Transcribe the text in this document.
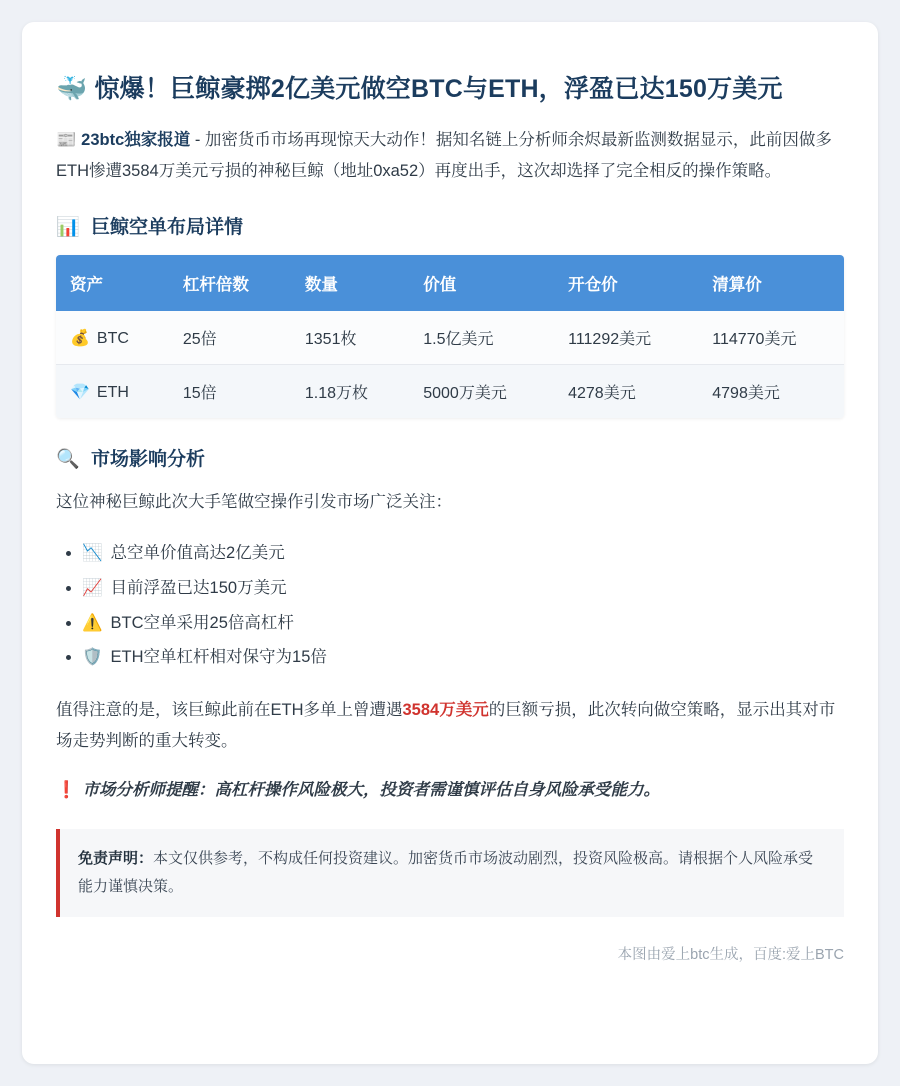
🐳 惊爆！巨鲸豪掷2亿美元做空BTC与ETH，浮盈已达150万美元

📰 23btc独家报道 - 加密货币市场再现惊天大动作！据知名链上分析师余烬最新监测数据显示，此前因做多ETH惨遭3584万美元亏损的神秘巨鲸（地址0xa52）再度出手，这次却选择了完全相反的操作策略。

📊 巨鲸空单布局详情
资产	杠杆倍数	数量	价值	开仓价	清算价
💰 BTC	25倍	1351枚	1.5亿美元	111292美元	114770美元
💎 ETH	15倍	1.18万枚	5000万美元	4278美元	4798美元
🔍 市场影响分析

这位神秘巨鲸此次大手笔做空操作引发市场广泛关注：

• 📉 总空单价值高达2亿美元
• 📈 目前浮盈已达150万美元
• ⚠️ BTC空单采用25倍高杠杆
• 🛡️ ETH空单杠杆相对保守为15倍

值得注意的是，该巨鲸此前在ETH多单上曾遭遇3584万美元的巨额亏损，此次转向做空策略，显示出其对市场走势判断的重大转变。

❗ 市场分析师提醒：高杠杆操作风险极大，投资者需谨慎评估自身风险承受能力。

免责声明：本文仅供参考，不构成任何投资建议。加密货币市场波动剧烈，投资风险极高。请根据个人风险承受能力谨慎决策。
本图由爱上btc生成，百度:爱上BTC
